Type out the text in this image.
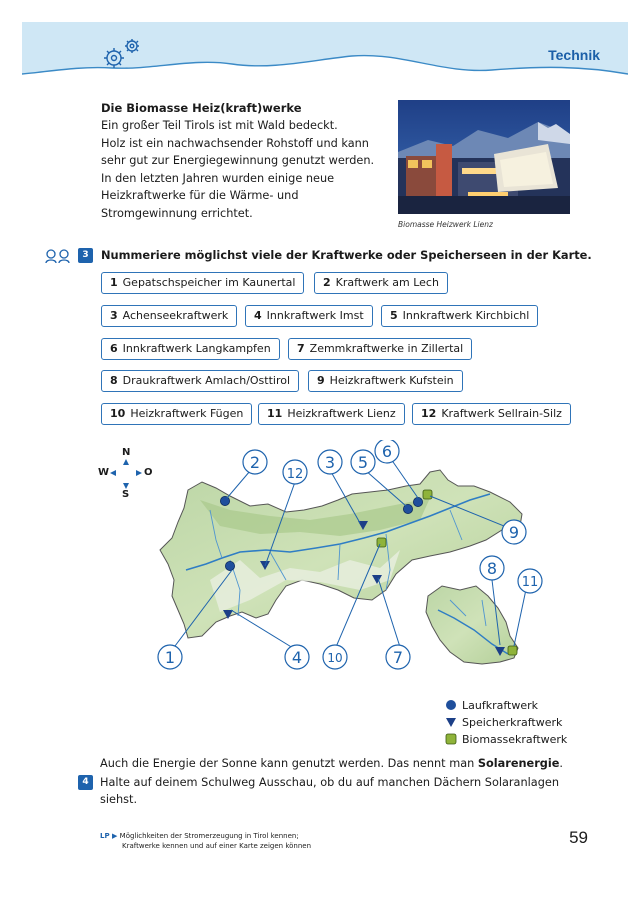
Technik
Die Biomasse Heiz(kraft)werke
Ein großer Teil Tirols ist mit Wald bedeckt.
Holz ist ein nachwachsender Rohstoff und kann
sehr gut zur Energiegewinnung genutzt werden.
In den letzten Jahren wurden einige neue
Heizkraftwerke für die Wärme- und
Stromgewinnung errichtet.
Biomasse Heizwerk Lienz
3	Nummeriere möglichst viele der Kraftwerke oder Speicherseen in der Karte.
1 Gepatschspeicher im Kaunertal	2 Kraftwerk am Lech
3 Achenseekraftwerk	4 Innkraftwerk Imst	5 Innkraftwerk Kirchbichl
6 Innkraftwerk Langkampfen	7 Zemmkraftwerke in Zillertal
8 Draukraftwerk Amlach/Osttirol	9 Heizkraftwerk Kufstein
10 Heizkraftwerk Fügen	11 Heizkraftwerk Lienz	12 Kraftwerk Sellrain-Silz
N
S
W	O
2
12
3 5
6
9
1	4 10	7
8
11
Laufkraftwerk
Speicherkraftwerk
Biomassekraftwerk
Auch die Energie der Sonne kann genutzt werden. Das nennt man Solarenergie.
4	Halte auf deinem Schulweg Ausschau, ob du auf manchen Dächern Solaranlagen siehst.
LP ▶ Möglichkeiten der Stromerzeugung in Tirol kennen;
Kraftwerke kennen und auf einer Karte zeigen können	59
